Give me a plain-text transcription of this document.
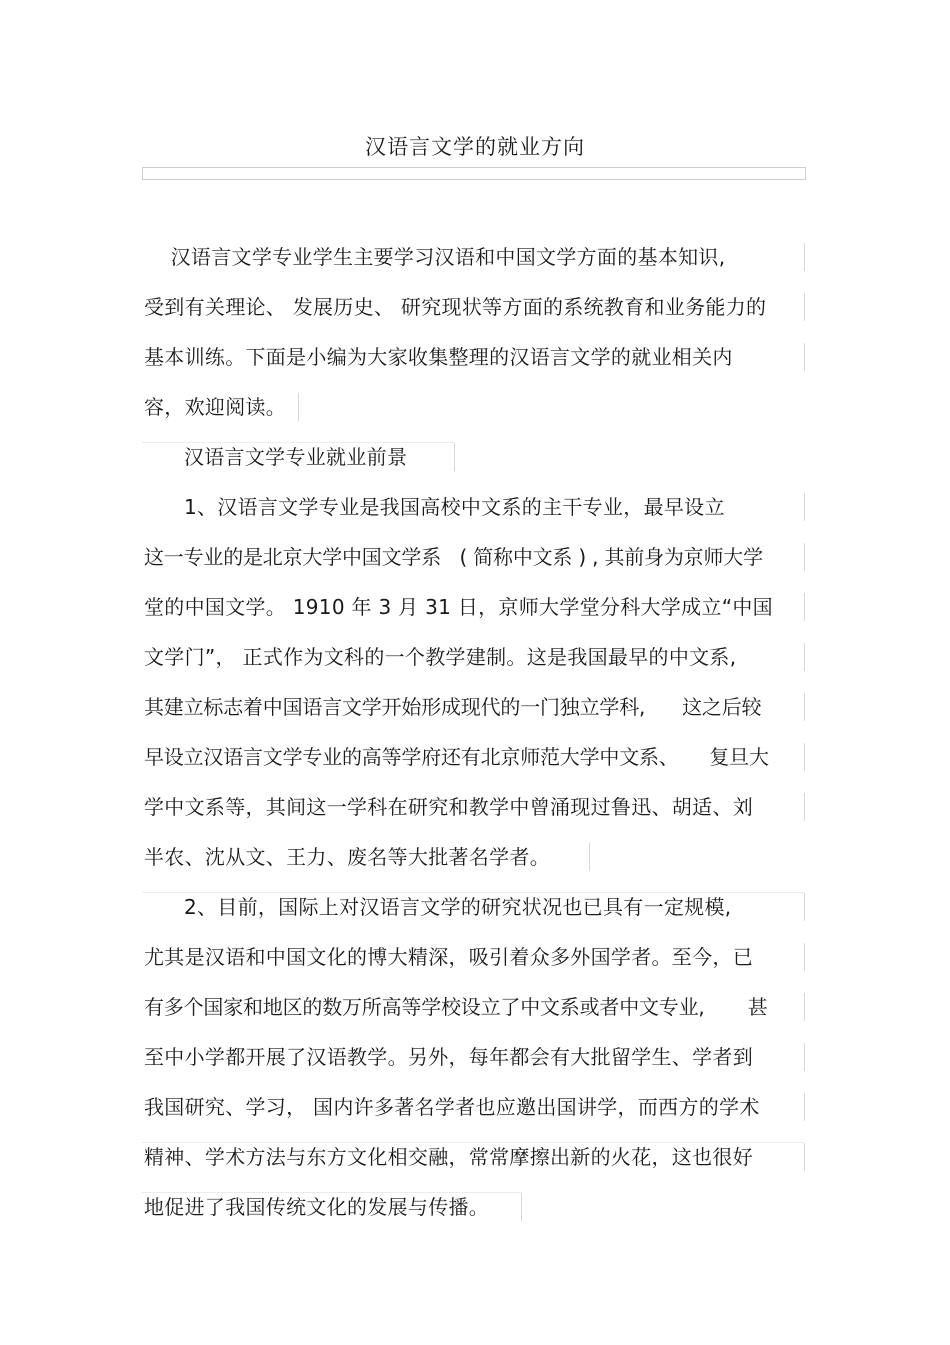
汉语言文学的就业方向
汉语言文学专业学生主要学习汉语和中国文学方面的基本知识,
受到有关理论、 发展历史、 研究现状等方面的系统教育和业务能力的
基本训练。下面是小编为大家收集整理的汉语言文学的就业相关内
容，欢迎阅读。
汉语言文学专业就业前景
1、汉语言文学专业是我国高校中文系的主干专业，最早设立
这一专业的是北京大学中国文学系   ( 简称中文系 ) , 其前身为京师大学
堂的中国文学。 1910 年 3 月 31 日，京师大学堂分科大学成立“中国
文学门”， 正式作为文科的一个教学建制。这是我国最早的中文系,
其建立标志着中国语言文学开始形成现代的一门独立学科,      这之后较
早设立汉语言文学专业的高等学府还有北京师范大学中文系、     复旦大
学中文系等，其间这一学科在研究和教学中曾涌现过鲁迅、胡适、刘
半农、沈从文、王力、废名等大批著名学者。
2、目前，国际上对汉语言文学的研究状况也已具有一定规模,
尤其是汉语和中国文化的博大精深，吸引着众多外国学者。至今，已
有多个国家和地区的数万所高等学校设立了中文系或者中文专业,       甚
至中小学都开展了汉语教学。另外，每年都会有大批留学生、学者到
我国研究、学习， 国内许多著名学者也应邀出国讲学，而西方的学术
精神、学术方法与东方文化相交融，常常摩擦出新的火花，这也很好
地促进了我国传统文化的发展与传播。
